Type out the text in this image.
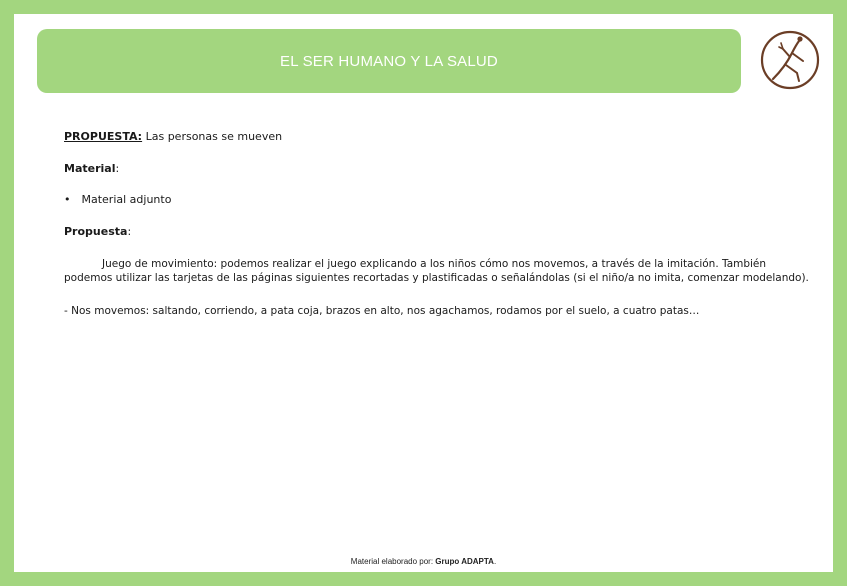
EL SER HUMANO Y LA SALUD
PROPUESTA: Las personas se mueven
Material:
• Material adjunto
Propuesta:
Juego de movimiento: podemos realizar el juego explicando a los niños cómo nos movemos, a través de la imitación. También podemos utilizar las tarjetas de las páginas siguientes recortadas y plastificadas o señalándolas (si el niño/a no imita, comenzar modelando).
- Nos movemos: saltando, corriendo, a pata coja, brazos en alto, nos agachamos, rodamos por el suelo, a cuatro patas…
Material elaborado por: Grupo ADAPTA.
